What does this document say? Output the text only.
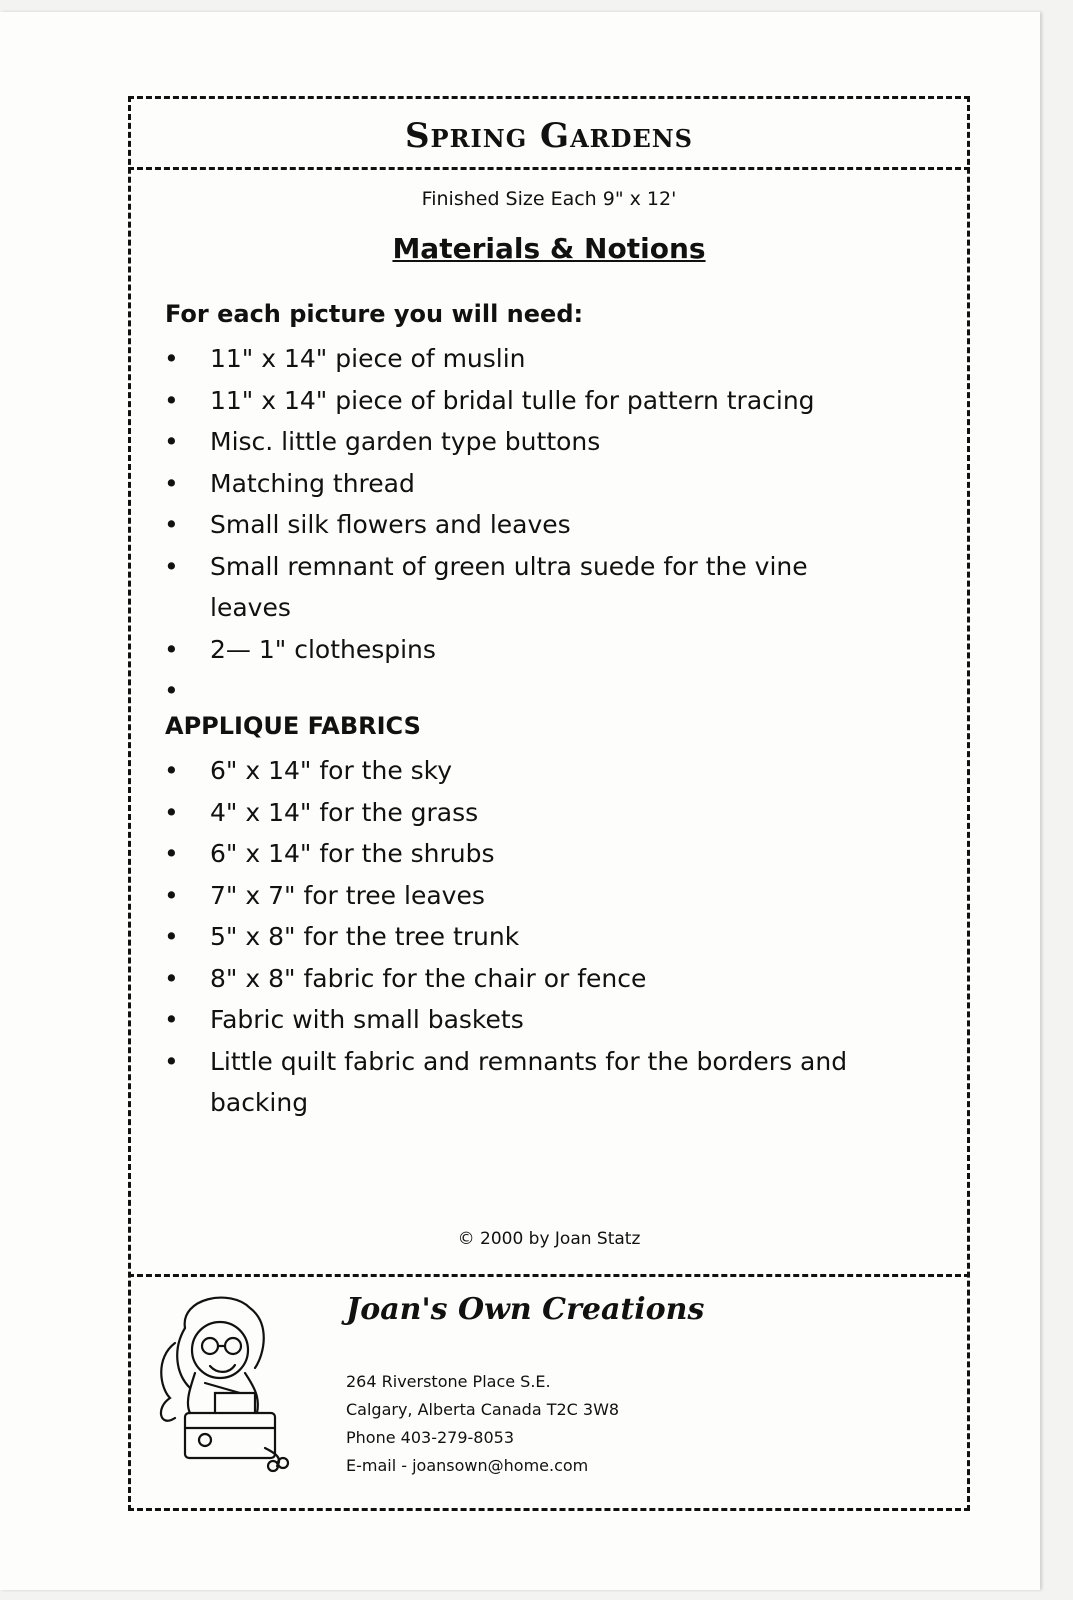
Spring Gardens
Finished Size Each 9" x 12'
Materials & Notions
For each picture you will need:
• 11" x 14" piece of muslin
• 11" x 14" piece of bridal tulle for pattern tracing
• Misc. little garden type buttons
• Matching thread
• Small silk flowers and leaves
• Small remnant of green ultra suede for the vine leaves
• 2— 1" clothespins
•
APPLIQUE FABRICS
• 6" x 14" for the sky
• 4" x 14" for the grass
• 6" x 14" for the shrubs
• 7" x 7" for tree leaves
• 5" x 8" for the tree trunk
• 8" x 8" fabric for the chair or fence
• Fabric with small baskets
• Little quilt fabric and remnants for the borders and backing
© 2000 by Joan Statz
Joan's Own Creations
264 Riverstone Place S.E.
Calgary, Alberta Canada T2C 3W8
Phone 403-279-8053
E-mail - joansown@home.com
